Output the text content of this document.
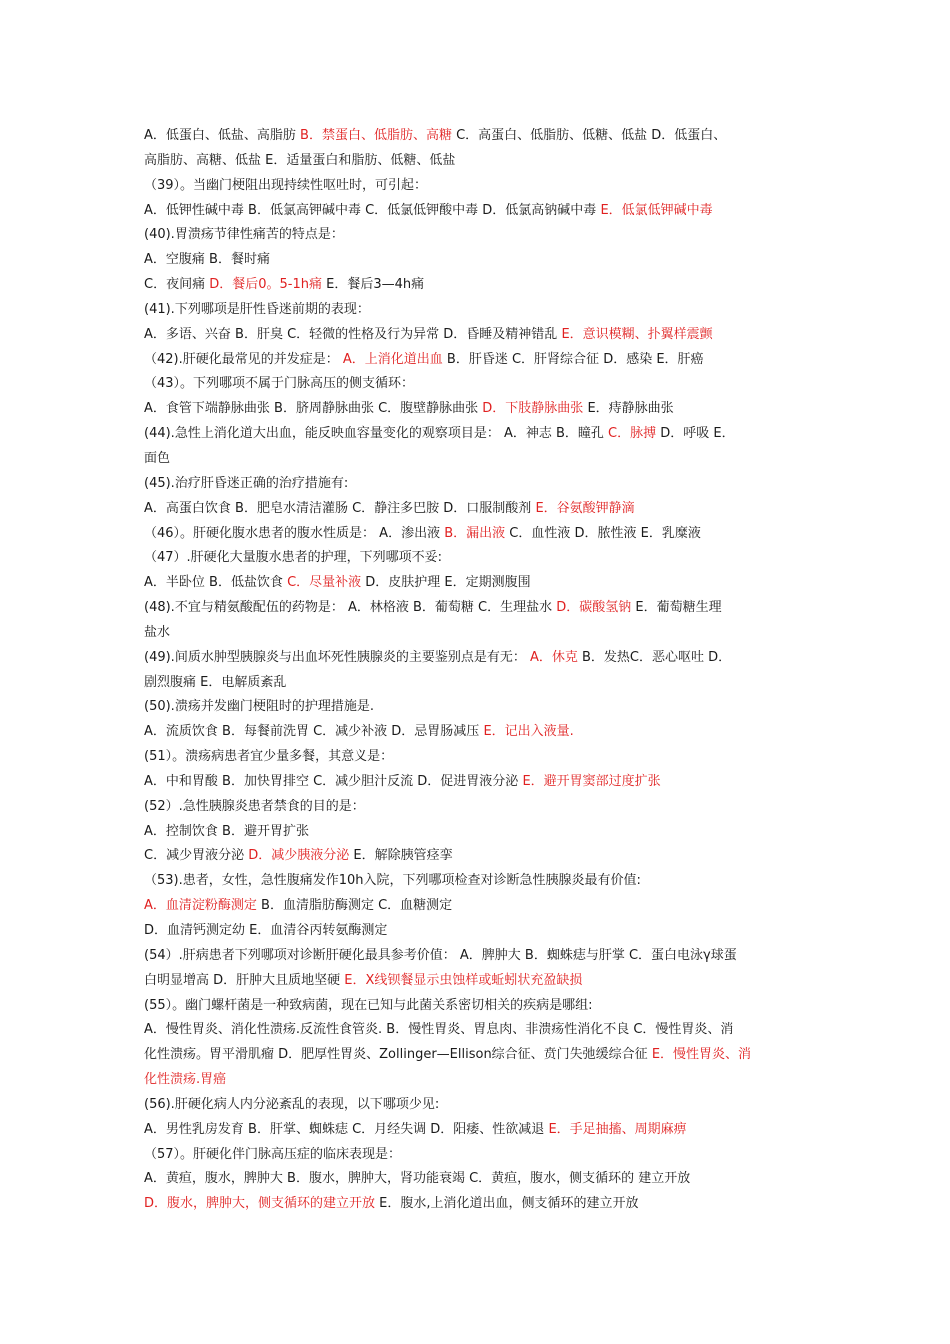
A．低蛋白、低盐、高脂肪 B．禁蛋白、低脂肪、高糖 C．高蛋白、低脂肪、低糖、低盐 D．低蛋白、
高脂肪、高糖、低盐 E．适量蛋白和脂肪、低糖、低盐
（39）。当幽门梗阻出现持续性呕吐时，可引起：
A．低钾性碱中毒 B．低氯高钾碱中毒 C．低氯低钾酸中毒 D．低氯高钠碱中毒 E．低氯低钾碱中毒
(40).胃溃疡节律性痛苦的特点是：
A．空腹痛 B．餐时痛
C．夜间痛 D．餐后0。5-1h痛 E．餐后3—4h痛
(41).下列哪项是肝性昏迷前期的表现：
A．多语、兴奋 B．肝臭 C．轻微的性格及行为异常 D．昏睡及精神错乱 E．意识模糊、扑翼样震颤
（42).肝硬化最常见的并发症是： A．上消化道出血 B．肝昏迷 C．肝肾综合征 D．感染 E．肝癌
（43）。下列哪项不属于门脉高压的侧支循环：
A．食管下端静脉曲张 B．脐周静脉曲张 C．腹壁静脉曲张 D．下肢静脉曲张 E．痔静脉曲张
(44).急性上消化道大出血，能反映血容量变化的观察项目是： A．神志 B．瞳孔 C．脉搏 D．呼吸 E．
面色
(45).治疗肝昏迷正确的治疗措施有:
A．高蛋白饮食 B．肥皂水清洁灌肠 C．静注多巴胺 D．口服制酸剂 E．谷氨酸钾静滴
（46）。肝硬化腹水患者的腹水性质是： A．渗出液 B．漏出液 C．血性液 D．脓性液 E．乳糜液
（47）.肝硬化大量腹水患者的护理，下列哪项不妥:
A．半卧位 B．低盐饮食 C．尽量补液 D．皮肤护理 E．定期测腹围
(48).不宜与精氨酸配伍的药物是： A．林格液 B．葡萄糖 C．生理盐水 D．碳酸氢钠 E．葡萄糖生理
盐水
(49).间质水肿型胰腺炎与出血坏死性胰腺炎的主要鉴别点是有无： A．休克 B．发热C．恶心呕吐 D．
剧烈腹痛 E．电解质紊乱
(50).溃疡并发幽门梗阻时的护理措施是.
A．流质饮食 B．每餐前洗胃 C．减少补液 D．忌胃肠减压 E．记出入液量.
(51）。溃疡病患者宜少量多餐，其意义是：
A．中和胃酸 B．加快胃排空 C．减少胆汁反流 D．促进胃液分泌 E．避开胃窦部过度扩张
(52）.急性胰腺炎患者禁食的目的是：
A．控制饮食 B．避开胃扩张
C．减少胃液分泌 D．减少胰液分泌 E．解除胰管痉挛
（53).患者，女性，急性腹痛发作10h入院，下列哪项检查对诊断急性胰腺炎最有价值:
A．血清淀粉酶测定 B．血清脂肪酶测定 C．血糖测定
D．血清钙测定幼 E．血清谷丙转氨酶测定
(54）.肝病患者下列哪项对诊断肝硬化最具参考价值： A．脾肿大 B．蜘蛛痣与肝掌 C．蛋白电泳γ球蛋
白明显增高 D．肝肿大且质地坚硬 E．X线钡餐显示虫蚀样或蚯蚓状充盈缺损
(55）。幽门螺杆菌是一种致病菌，现在已知与此菌关系密切相关的疾病是哪组:
A．慢性胃炎、消化性溃疡.反流性食管炎. B．慢性胃炎、胃息肉、非溃疡性消化不良 C．慢性胃炎、消
化性溃疡。胃平滑肌瘤 D．肥厚性胃炎、Zollinger—Ellison综合征、贲门失弛缓综合征 E．慢性胃炎、消
化性溃疡.胃癌
(56).肝硬化病人内分泌紊乱的表现，以下哪项少见:
A．男性乳房发育 B．肝掌、蜘蛛痣 C．月经失调 D．阳痿、性欲减退 E．手足抽搐、周期麻痹
（57）。肝硬化伴门脉高压症的临床表现是：
A．黄疸，腹水，脾肿大 B．腹水，脾肿大，肾功能衰竭 C．黄疸，腹水，侧支循环的 建立开放
D．腹水，脾肿大，侧支循环的建立开放 E．腹水,上消化道出血，侧支循环的建立开放
